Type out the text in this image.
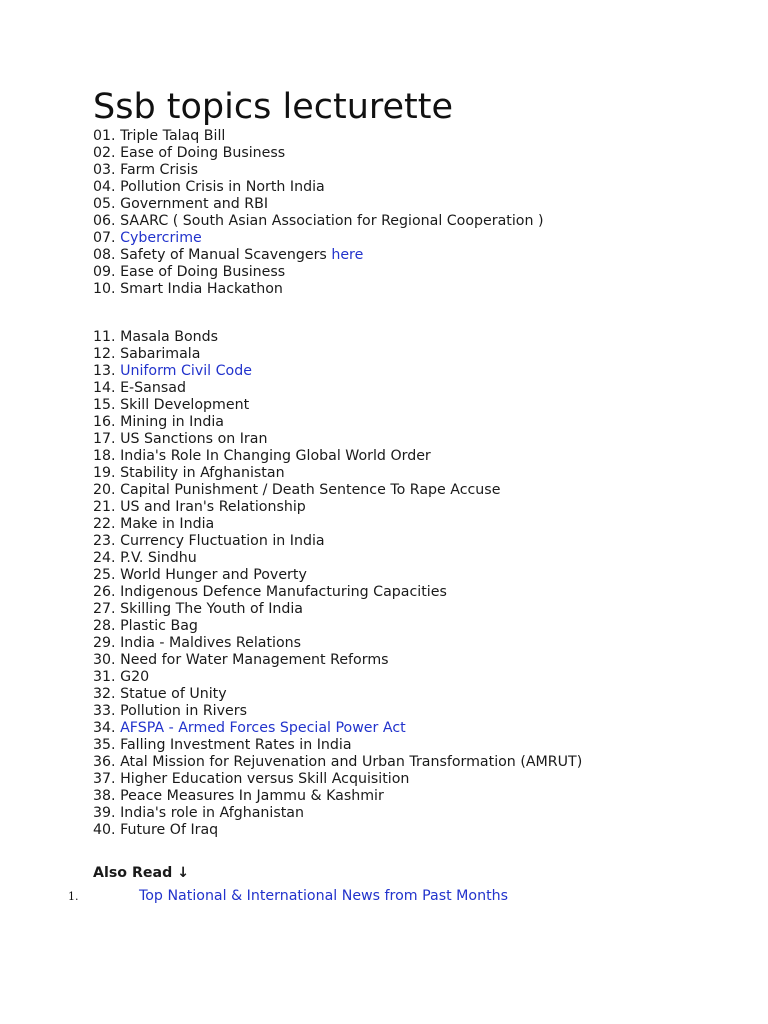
Ssb topics lecturette
01. Triple Talaq Bill
02. Ease of Doing Business
03. Farm Crisis
04. Pollution Crisis in North India
05. Government and RBI
06. SAARC ( South Asian Association for Regional Cooperation )
07. Cybercrime
08. Safety of Manual Scavengers here
09. Ease of Doing Business
10. Smart India Hackathon
11. Masala Bonds
12. Sabarimala
13. Uniform Civil Code
14. E-Sansad
15. Skill Development
16. Mining in India
17. US Sanctions on Iran
18. India's Role In Changing Global World Order
19. Stability in Afghanistan
20. Capital Punishment / Death Sentence To Rape Accuse
21. US and Iran's Relationship
22. Make in India
23. Currency Fluctuation in India
24. P.V. Sindhu
25. World Hunger and Poverty
26. Indigenous Defence Manufacturing Capacities
27. Skilling The Youth of India
28. Plastic Bag
29. India - Maldives Relations
30. Need for Water Management Reforms
31. G20
32. Statue of Unity
33. Pollution in Rivers
34. AFSPA - Armed Forces Special Power Act
35. Falling Investment Rates in India
36. Atal Mission for Rejuvenation and Urban Transformation (AMRUT)
37. Higher Education versus Skill Acquisition
38. Peace Measures In Jammu & Kashmir
39. India's role in Afghanistan
40. Future Of Iraq
Also Read ↓
1.	Top National & International News from Past Months
